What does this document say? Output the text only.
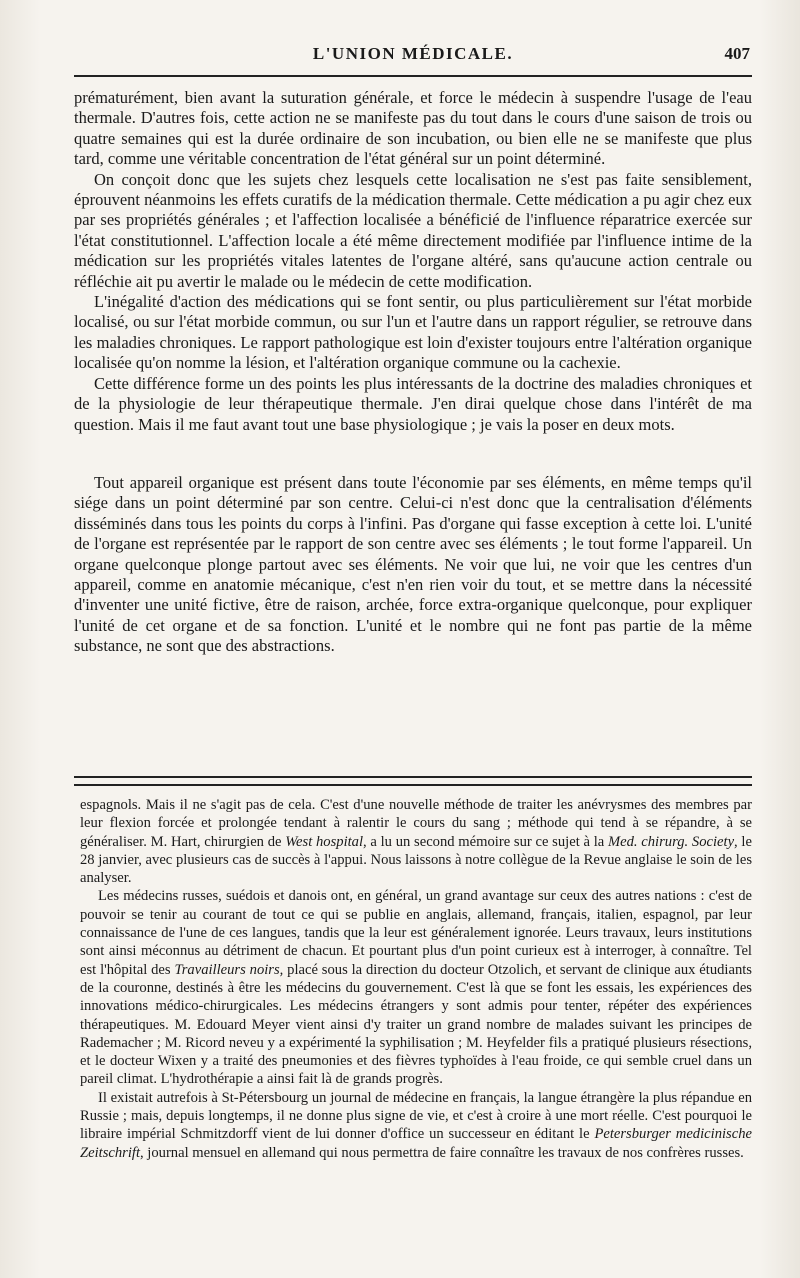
L'UNION MÉDICALE.	407

prématurément, bien avant la suturation générale, et force le médecin à suspendre l'usage de l'eau thermale. D'autres fois, cette action ne se manifeste pas du tout dans le cours d'une saison de trois ou quatre semaines qui est la durée ordinaire de son incubation, ou bien elle ne se manifeste que plus tard, comme une véritable concentration de l'état général sur un point déterminé.

On conçoit donc que les sujets chez lesquels cette localisation ne s'est pas faite sensiblement, éprouvent néanmoins les effets curatifs de la médication thermale. Cette médication a pu agir chez eux par ses propriétés générales ; et l'affection localisée a bénéficié de l'influence réparatrice exercée sur l'état constitutionnel. L'affection locale a été même directement modifiée par l'influence intime de la médication sur les propriétés vitales latentes de l'organe altéré, sans qu'aucune action centrale ou réfléchie ait pu avertir le malade ou le médecin de cette modification.

L'inégalité d'action des médications qui se font sentir, ou plus particulièrement sur l'état morbide localisé, ou sur l'état morbide commun, ou sur l'un et l'autre dans un rapport régulier, se retrouve dans les maladies chroniques. Le rapport pathologique est loin d'exister toujours entre l'altération organique localisée qu'on nomme la lésion, et l'altération organique commune ou la cachexie.

Cette différence forme un des points les plus intéressants de la doctrine des maladies chroniques et de la physiologie de leur thérapeutique thermale. J'en dirai quelque chose dans l'intérêt de ma question. Mais il me faut avant tout une base physiologique ; je vais la poser en deux mots.

Tout appareil organique est présent dans toute l'économie par ses éléments, en même temps qu'il siége dans un point déterminé par son centre. Celui-ci n'est donc que la centralisation d'éléments disséminés dans tous les points du corps à l'infini. Pas d'organe qui fasse exception à cette loi. L'unité de l'organe est représentée par le rapport de son centre avec ses éléments ; le tout forme l'appareil. Un organe quelconque plonge partout avec ses éléments. Ne voir que lui, ne voir que les centres d'un appareil, comme en anatomie mécanique, c'est n'en rien voir du tout, et se mettre dans la nécessité d'inventer une unité fictive, être de raison, archée, force extra-organique quelconque, pour expliquer l'unité de cet organe et de sa fonction. L'unité et le nombre qui ne font pas partie de la même substance, ne sont que des abstractions.

espagnols. Mais il ne s'agit pas de cela. C'est d'une nouvelle méthode de traiter les anévrysmes des membres par leur flexion forcée et prolongée tendant à ralentir le cours du sang ; méthode qui tend à se répandre, à se généraliser. M. Hart, chirurgien de West hospital, a lu un second mémoire sur ce sujet à la Med. chirurg. Society, le 28 janvier, avec plusieurs cas de succès à l'appui. Nous laissons à notre collègue de la Revue anglaise le soin de les analyser.

Les médecins russes, suédois et danois ont, en général, un grand avantage sur ceux des autres nations : c'est de pouvoir se tenir au courant de tout ce qui se publie en anglais, allemand, français, italien, espagnol, par leur connaissance de l'une de ces langues, tandis que la leur est généralement ignorée. Leurs travaux, leurs institutions sont ainsi méconnus au détriment de chacun. Et pourtant plus d'un point curieux est à interroger, à connaître. Tel est l'hôpital des Travailleurs noirs, placé sous la direction du docteur Otzolich, et servant de clinique aux étudiants de la couronne, destinés à être les médecins du gouvernement. C'est là que se font les essais, les expériences des innovations médico-chirurgicales. Les médecins étrangers y sont admis pour tenter, répéter des expériences thérapeutiques. M. Edouard Meyer vient ainsi d'y traiter un grand nombre de malades suivant les principes de Rademacher ; M. Ricord neveu y a expérimenté la syphilisation ; M. Heyfelder fils a pratiqué plusieurs résections, et le docteur Wixen y a traité des pneumonies et des fièvres typhoïdes à l'eau froide, ce qui semble cruel dans un pareil climat. L'hydrothérapie a ainsi fait là de grands progrès.

Il existait autrefois à St-Pétersbourg un journal de médecine en français, la langue étrangère la plus répandue en Russie ; mais, depuis longtemps, il ne donne plus signe de vie, et c'est à croire à une mort réelle. C'est pourquoi le libraire impérial Schmitzdorff vient de lui donner d'office un successeur en éditant le Petersburger medicinische Zeitschrift, journal mensuel en allemand qui nous permettra de faire connaître les travaux de nos confrères russes.
